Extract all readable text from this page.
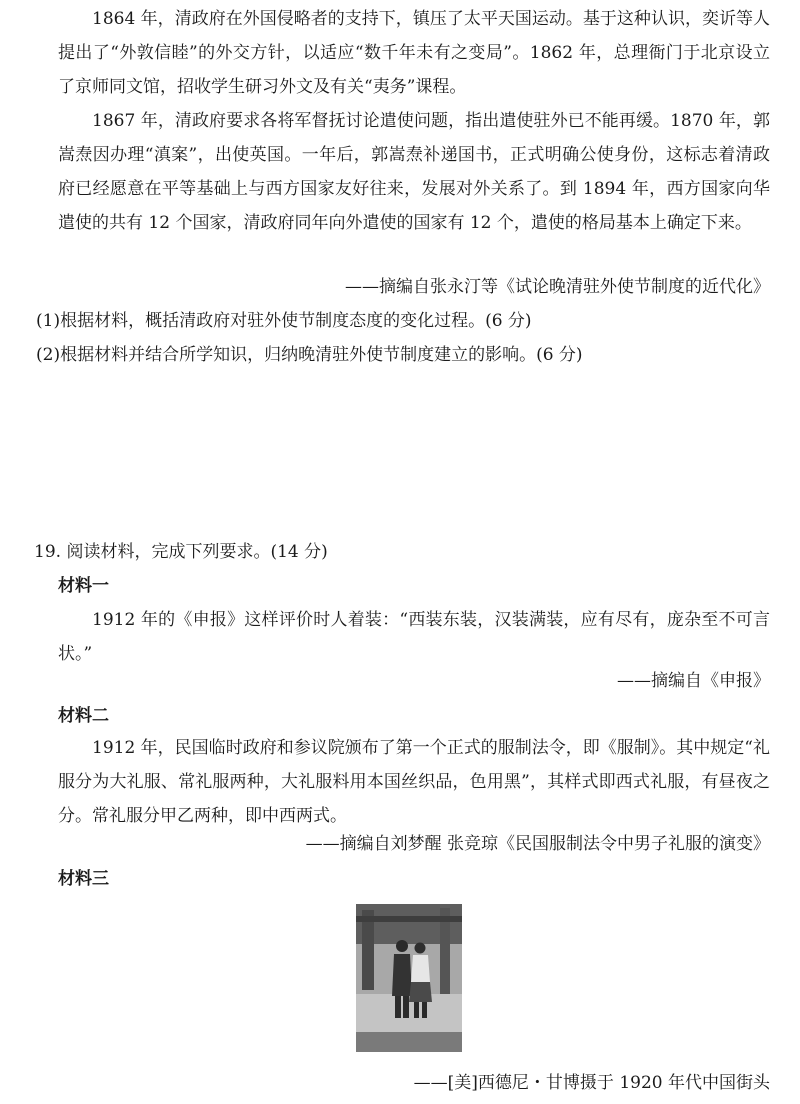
1864 年，清政府在外国侵略者的支持下，镇压了太平天国运动。基于这种认识，奕䜣等人提出了“外敦信睦”的外交方针，以适应“数千年未有之变局”。1862 年，总理衙门于北京设立了京师同文馆，招收学生研习外文及有关“夷务”课程。

1867 年，清政府要求各将军督抚讨论遣使问题，指出遣使驻外已不能再缓。1870 年，郭嵩焘因办理“滇案”，出使英国。一年后，郭嵩焘补递国书，正式明确公使身份，这标志着清政府已经愿意在平等基础上与西方国家友好往来，发展对外关系了。到 1894 年，西方国家向华遣使的共有 12 个国家，清政府同年向外遣使的国家有 12 个，遣使的格局基本上确定下来。

——摘编自张永汀等《试论晚清驻外使节制度的近代化》
(1)根据材料，概括清政府对驻外使节制度态度的变化过程。(6 分)
(2)根据材料并结合所学知识，归纳晚清驻外使节制度建立的影响。(6 分)
19. 阅读材料，完成下列要求。(14 分)
材料一

1912 年的《申报》这样评价时人着装：“西装东装，汉装满装，应有尽有，庞杂至不可言状。”

——摘编自《申报》
材料二

1912 年，民国临时政府和参议院颁布了第一个正式的服制法令，即《服制》。其中规定“礼服分为大礼服、常礼服两种，大礼服料用本国丝织品，色用黑”，其样式即西式礼服，有昼夜之分。常礼服分甲乙两种，即中西两式。

——摘编自刘梦醒 张竞琼《民国服制法令中男子礼服的演变》
材料三
——[美]西德尼・甘博摄于 1920 年代中国街头
